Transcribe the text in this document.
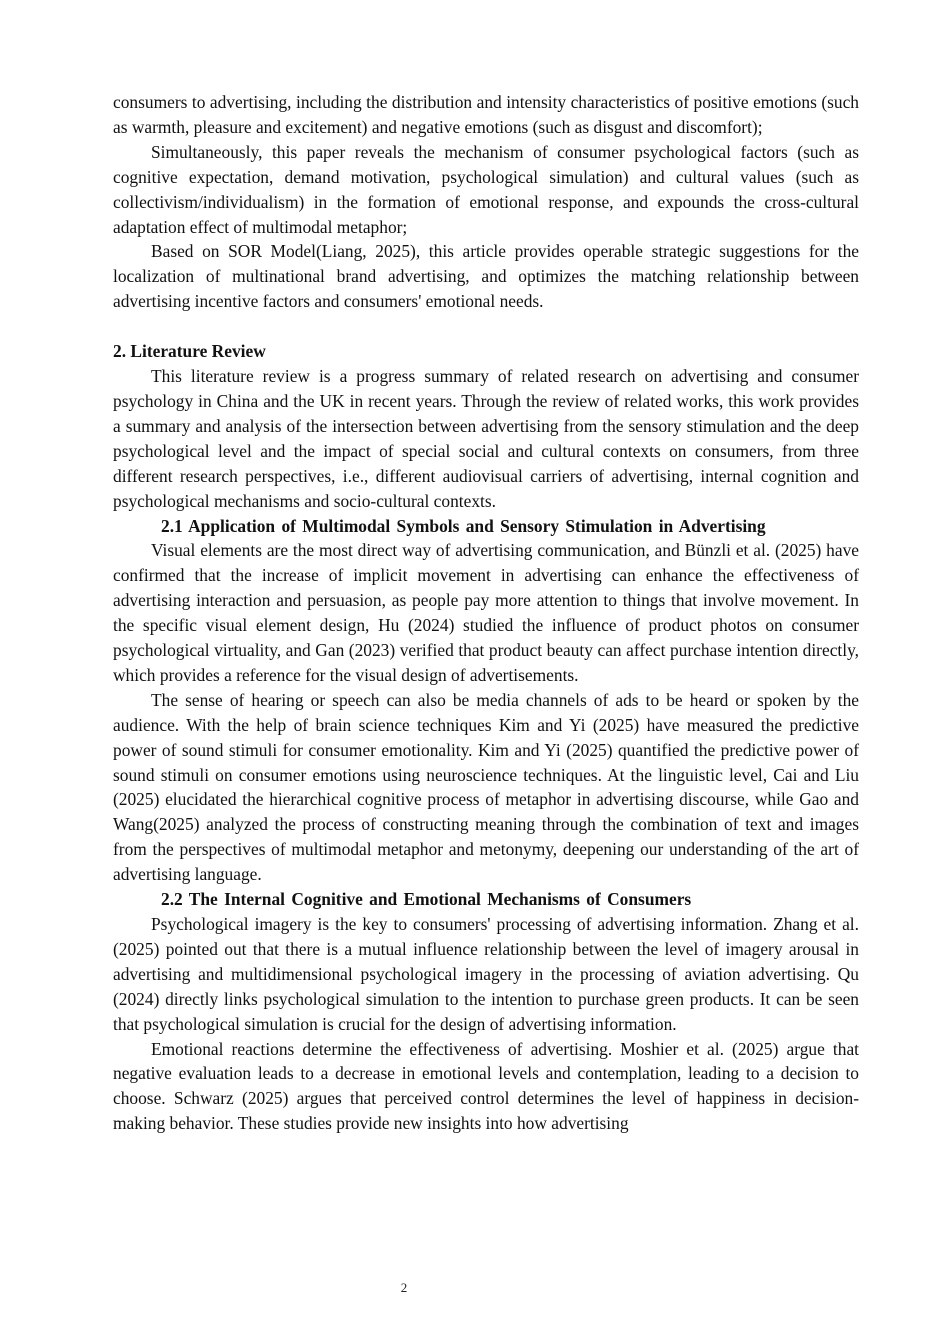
consumers to advertising, including the distribution and intensity characteristics of positive emotions (such as warmth, pleasure and excitement) and negative emotions (such as disgust and discomfort);

Simultaneously, this paper reveals the mechanism of consumer psychological factors (such as cognitive expectation, demand motivation, psychological simulation) and cultural values (such as collectivism/individualism) in the formation of emotional response, and expounds the cross-cultural adaptation effect of multimodal metaphor;

Based on SOR Model(Liang, 2025), this article provides operable strategic suggestions for the localization of multinational brand advertising, and optimizes the matching relationship between advertising incentive factors and consumers' emotional needs.

2. Literature Review

This literature review is a progress summary of related research on advertising and consumer psychology in China and the UK in recent years. Through the review of related works, this work provides a summary and analysis of the intersection between advertising from the sensory stimulation and the deep psychological level and the impact of special social and cultural contexts on consumers, from three different research perspectives, i.e., different audiovisual carriers of advertising, internal cognition and psychological mechanisms and socio-cultural contexts.

2.1 Application of Multimodal Symbols and Sensory Stimulation in Advertising

Visual elements are the most direct way of advertising communication, and Bünzli et al. (2025) have confirmed that the increase of implicit movement in advertising can enhance the effectiveness of advertising interaction and persuasion, as people pay more attention to things that involve movement. In the specific visual element design, Hu (2024) studied the influence of product photos on consumer psychological virtuality, and Gan (2023) verified that product beauty can affect purchase intention directly, which provides a reference for the visual design of advertisements.

The sense of hearing or speech can also be media channels of ads to be heard or spoken by the audience. With the help of brain science techniques Kim and Yi (2025) have measured the predictive power of sound stimuli for consumer emotionality. Kim and Yi (2025) quantified the predictive power of sound stimuli on consumer emotions using neuroscience techniques. At the linguistic level, Cai and Liu (2025) elucidated the hierarchical cognitive process of metaphor in advertising discourse, while Gao and Wang(2025) analyzed the process of constructing meaning through the combination of text and images from the perspectives of multimodal metaphor and metonymy, deepening our understanding of the art of advertising language.

2.2 The Internal Cognitive and Emotional Mechanisms of Consumers

Psychological imagery is the key to consumers' processing of advertising information. Zhang et al. (2025) pointed out that there is a mutual influence relationship between the level of imagery arousal in advertising and multidimensional psychological imagery in the processing of aviation advertising. Qu (2024) directly links psychological simulation to the intention to purchase green products. It can be seen that psychological simulation is crucial for the design of advertising information.

Emotional reactions determine the effectiveness of advertising. Moshier et al. (2025) argue that negative evaluation leads to a decrease in emotional levels and contemplation, leading to a decision to choose. Schwarz (2025) argues that perceived control determines the level of happiness in decision-making behavior. These studies provide new insights into how advertising

2
